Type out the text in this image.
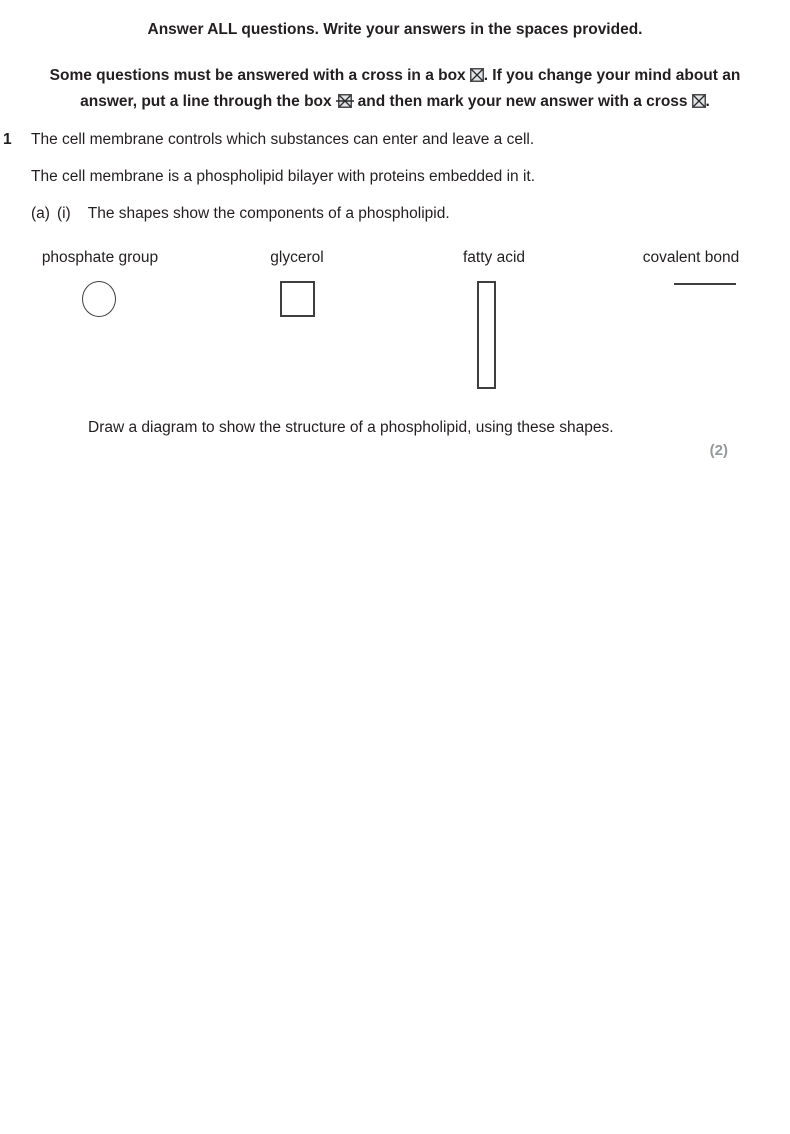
Answer ALL questions. Write your answers in the spaces provided.
Some questions must be answered with a cross in a box . If you change your mind about an
answer, put a line through the box and then mark your new answer with a cross .
1 The cell membrane controls which substances can enter and leave a cell.
The cell membrane is a phospholipid bilayer with proteins embedded in it.
(a) (i) The shapes show the components of a phospholipid.
phosphate group	glycerol	fatty acid	covalent bond
Draw a diagram to show the structure of a phospholipid, using these shapes.
(2)
